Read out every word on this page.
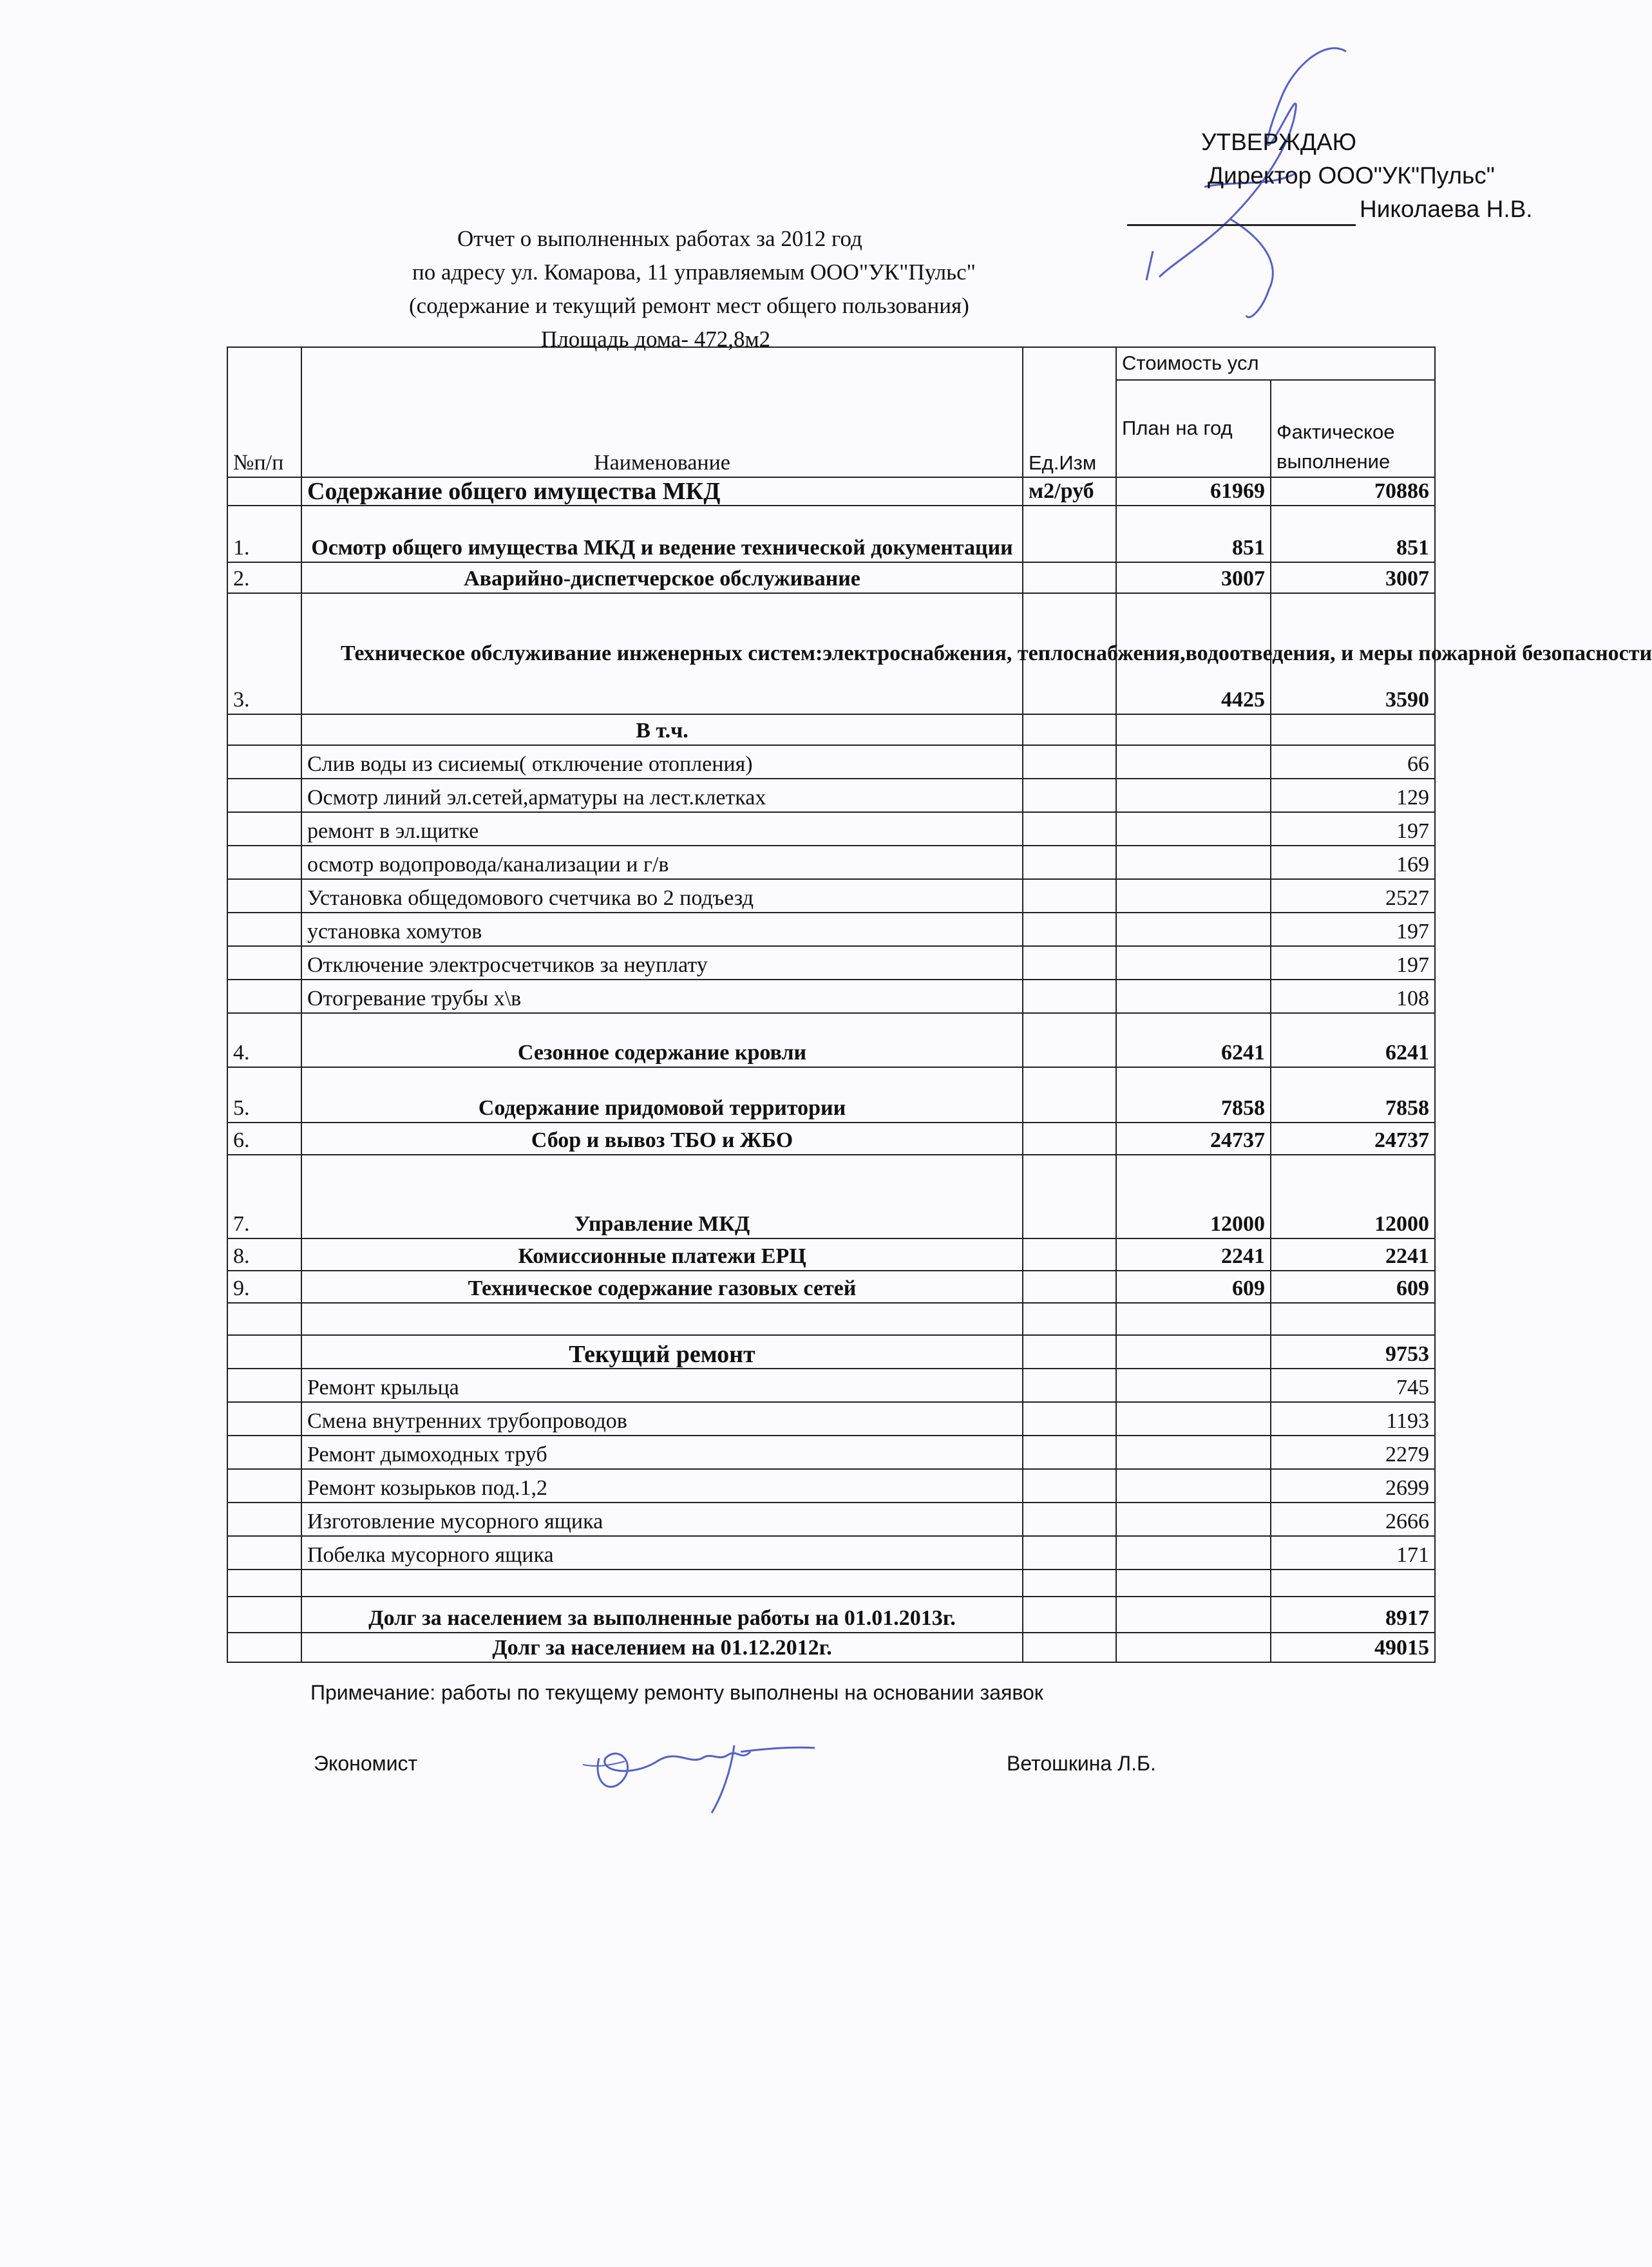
УТВЕРЖДАЮ
Директор ООО"УК"Пульс"
Николаева Н.В.
Отчет о выполненных работах за 2012 год
по адресу ул. Комарова, 11 управляемым ООО"УК"Пульс"
(содержание и текущий ремонт мест общего пользования)
Площадь дома- 472,8м2
№п/п	Наименование	Ед.Изм	Стоимость усл	
			План на год	Фактическое выполнение
	Содержание общего имущества МКД	м2/руб	61969	70886
1.	Осмотр общего имущества МКД и ведение технической документации		851	851
2.	Аварийно-диспетчерское обслуживание		3007	3007
3.	Техническое обслуживание инженерных систем:электроснабжения, теплоснабжения,водоотведения, и меры пожарной безопасности		4425	3590
	В т.ч.			
	Слив воды из сисиемы( отключение отопления)			66
	Осмотр линий эл.сетей,арматуры на лест.клетках			129
	ремонт в эл.щитке			197
	осмотр водопровода/канализации и г/в			169
	Установка общедомового счетчика во 2 подъезд			2527
	установка хомутов			197
	Отключение электросчетчиков за неуплату			197
	Отогревание трубы х\в			108
4.	Сезонное содержание кровли		6241	6241
5.	Содержание придомовой территории		7858	7858
6.	Сбор и вывоз ТБО и ЖБО		24737	24737
7.	Управление МКД		12000	12000
8.	Комиссионные платежи ЕРЦ		2241	2241
9.	Техническое содержание газовых сетей		609	609

	Текущий ремонт			9753
	Ремонт крыльца			745
	Смена внутренних трубопроводов			1193
	Ремонт дымоходных труб			2279
	Ремонт козырьков под.1,2			2699
	Изготовление мусорного ящика			2666
	Побелка мусорного ящика			171

	Долг за населением за выполненные работы на 01.01.2013г.			8917
	Долг за населением на 01.12.2012г.			49015
Примечание: работы по текущему ремонту выполнены на основании заявок
Экономист	Ветошкина Л.Б.
